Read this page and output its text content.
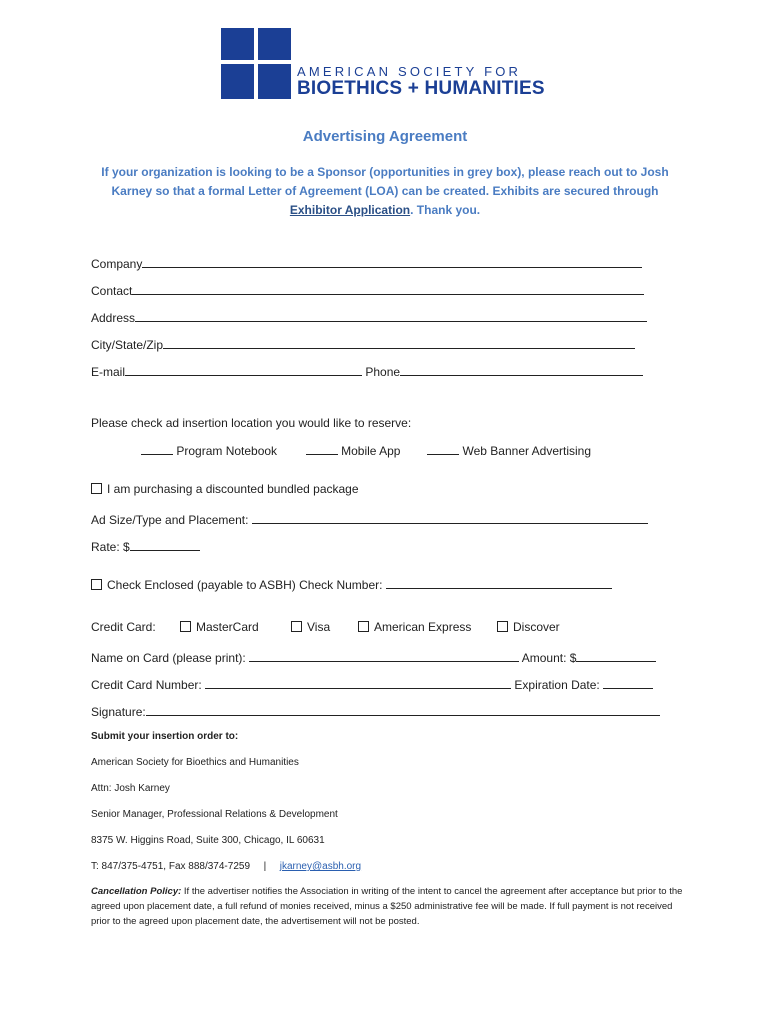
AMERICAN SOCIETY FOR
BIOETHICS + HUMANITIES
Advertising Agreement
If your organization is looking to be a Sponsor (opportunities in grey box), please reach out to Josh Karney so that a formal Letter of Agreement (LOA) can be created. Exhibits are secured through Exhibitor Application. Thank you.
Company
Contact
Address
City/State/Zip
E-mail	Phone
Please check ad insertion location you would like to reserve:
Program Notebook	Mobile App	Web Banner Advertising
I am purchasing a discounted bundled package
Ad Size/Type and Placement:
Rate: $
Check Enclosed (payable to ASBH) Check Number:
Credit Card:	MasterCard	Visa	American Express	Discover
Name on Card (please print):	Amount: $
Credit Card Number:	Expiration Date:
Signature:
Submit your insertion order to:
American Society for Bioethics and Humanities
Attn: Josh Karney
Senior Manager, Professional Relations & Development
8375 W. Higgins Road, Suite 300, Chicago, IL 60631
T: 847/375-4751, Fax 888/374-7259 | jkarney@asbh.org
Cancellation Policy: If the advertiser notifies the Association in writing of the intent to cancel the agreement after acceptance but prior to the agreed upon placement date, a full refund of monies received, minus a $250 administrative fee will be made. If full payment is not received prior to the agreed upon placement date, the advertisement will not be posted.
